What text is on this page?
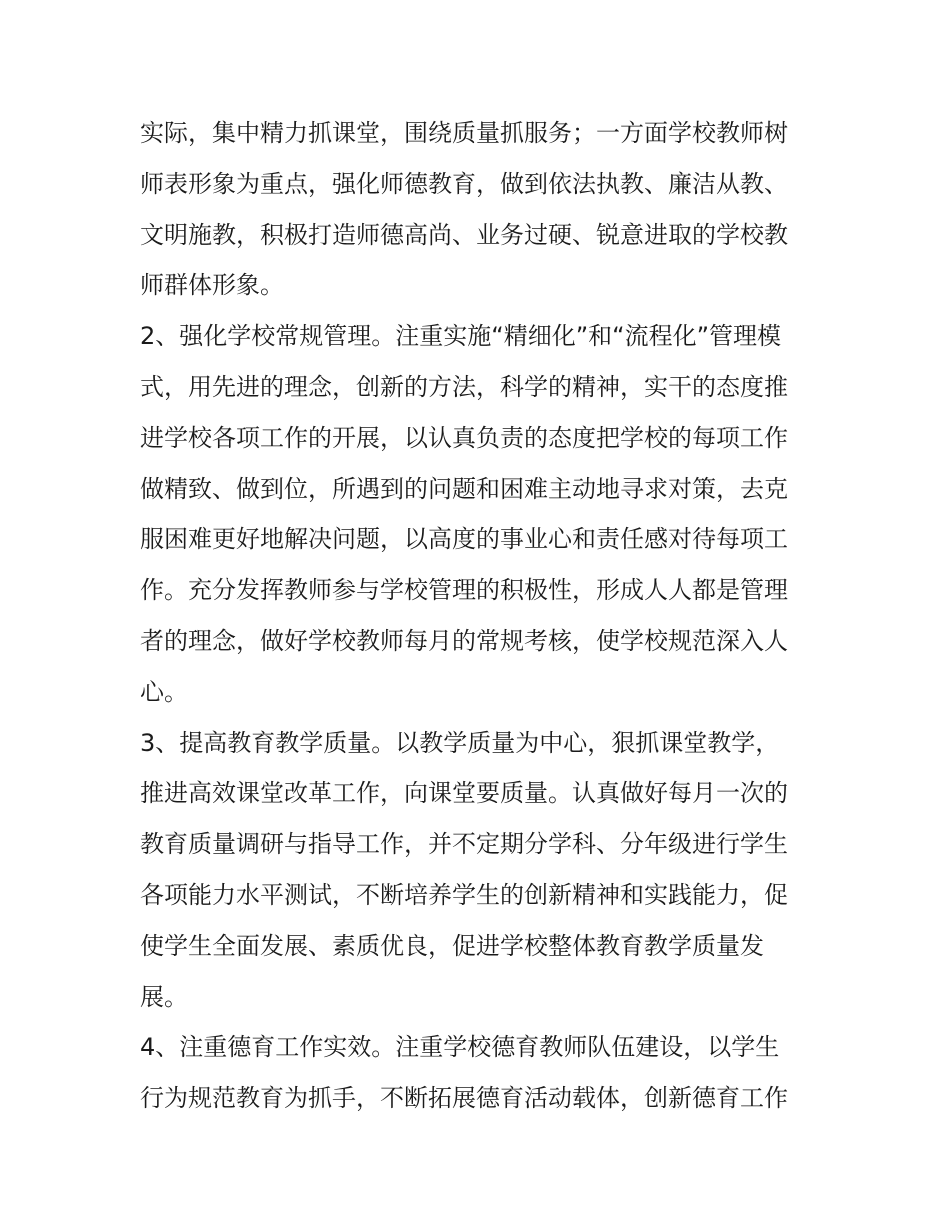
实际，集中精力抓课堂，围绕质量抓服务；一方面学校教师树
师表形象为重点，强化师德教育，做到依法执教、廉洁从教、
文明施教，积极打造师德高尚、业务过硬、锐意进取的学校教
师群体形象。
2、强化学校常规管理。注重实施“精细化”和“流程化”管理模
式，用先进的理念，创新的方法，科学的精神，实干的态度推
进学校各项工作的开展，以认真负责的态度把学校的每项工作
做精致、做到位，所遇到的问题和困难主动地寻求对策，去克
服困难更好地解决问题，以高度的事业心和责任感对待每项工
作。充分发挥教师参与学校管理的积极性，形成人人都是管理
者的理念，做好学校教师每月的常规考核，使学校规范深入人
心。
3、提高教育教学质量。以教学质量为中心，狠抓课堂教学，
推进高效课堂改革工作，向课堂要质量。认真做好每月一次的
教育质量调研与指导工作，并不定期分学科、分年级进行学生
各项能力水平测试，不断培养学生的创新精神和实践能力，促
使学生全面发展、素质优良，促进学校整体教育教学质量发
展。
4、注重德育工作实效。注重学校德育教师队伍建设，以学生
行为规范教育为抓手，不断拓展德育活动载体，创新德育工作
